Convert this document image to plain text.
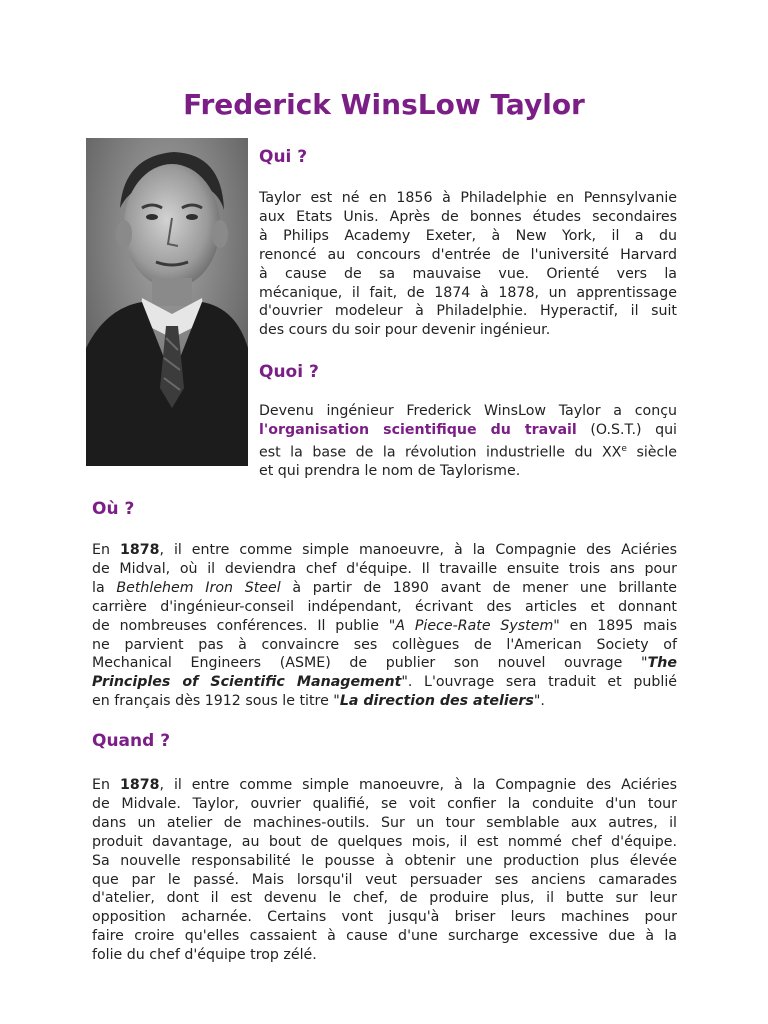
Frederick WinsLow Taylor
Qui ?
Taylor est né en 1856 à Philadelphie en Pennsylvanie
aux Etats Unis. Après de bonnes études secondaires
à Philips Academy Exeter, à New York, il a du
renoncé au concours d'entrée de l'université Harvard
à cause de sa mauvaise vue. Orienté vers la
mécanique, il fait, de 1874 à 1878, un apprentissage
d'ouvrier modeleur à Philadelphie. Hyperactif, il suit
des cours du soir pour devenir ingénieur.
Quoi ?
Devenu ingénieur Frederick WinsLow Taylor a conçu
l'organisation scientifique du travail (O.S.T.) qui
est la base de la révolution industrielle du XXe siècle
et qui prendra le nom de Taylorisme.
Où ?
En 1878, il entre comme simple manoeuvre, à la Compagnie des Aciéries
de Midval, où il deviendra chef d'équipe. Il travaille ensuite trois ans pour
la Bethlehem Iron Steel à partir de 1890 avant de mener une brillante
carrière d'ingénieur-conseil indépendant, écrivant des articles et donnant
de nombreuses conférences. Il publie "A Piece-Rate System" en 1895 mais
ne parvient pas à convaincre ses collègues de l'American Society of
Mechanical Engineers (ASME) de publier son nouvel ouvrage "The
Principles of Scientific Management". L'ouvrage sera traduit et publié
en français dès 1912 sous le titre "La direction des ateliers".
Quand ?
En 1878, il entre comme simple manoeuvre, à la Compagnie des Aciéries
de Midvale. Taylor, ouvrier qualifié, se voit confier la conduite d'un tour
dans un atelier de machines-outils. Sur un tour semblable aux autres, il
produit davantage, au bout de quelques mois, il est nommé chef d'équipe.
Sa nouvelle responsabilité le pousse à obtenir une production plus élevée
que par le passé. Mais lorsqu'il veut persuader ses anciens camarades
d'atelier, dont il est devenu le chef, de produire plus, il butte sur leur
opposition acharnée. Certains vont jusqu'à briser leurs machines pour
faire croire qu'elles cassaient à cause d'une surcharge excessive due à la
folie du chef d'équipe trop zélé.
